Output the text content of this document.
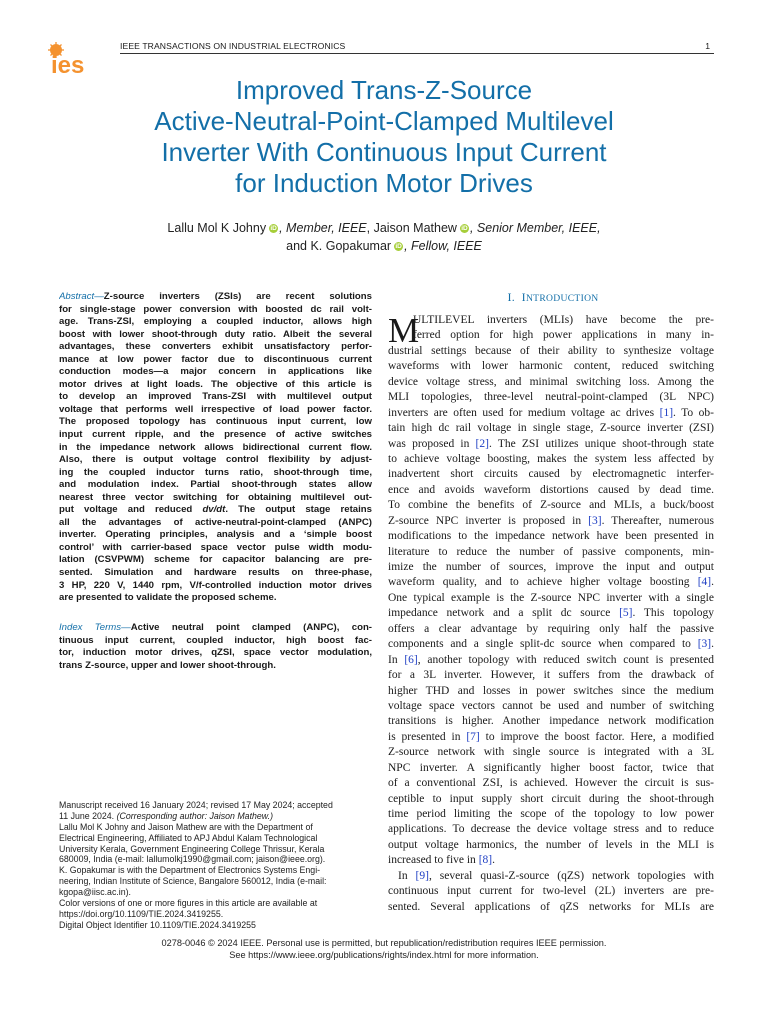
ies
IEEE TRANSACTIONS ON INDUSTRIAL ELECTRONICS	1
Improved Trans-Z-Source
Active-Neutral-Point-Clamped Multilevel
Inverter With Continuous Input Current
for Induction Motor Drives
Lallu Mol K Johny iD , Member, IEEE, Jaison Mathew iD , Senior Member, IEEE,
and K. Gopakumar iD , Fellow, IEEE
Abstract—Z-source inverters (ZSIs) are recent solutions
for single-stage power conversion with boosted dc rail volt-
age. Trans-ZSI, employing a coupled inductor, allows high
boost with lower shoot-through duty ratio. Albeit the several
advantages, these converters exhibit unsatisfactory perfor-
mance at low power factor due to discontinuous current
conduction modes—a major concern in applications like
motor drives at light loads. The objective of this article is
to develop an improved Trans-ZSI with multilevel output
voltage that performs well irrespective of load power factor.
The proposed topology has continuous input current, low
input current ripple, and the presence of active switches
in the impedance network allows bidirectional current flow.
Also, there is output voltage control flexibility by adjust-
ing the coupled inductor turns ratio, shoot-through time,
and modulation index. Partial shoot-through states allow
nearest three vector switching for obtaining multilevel out-
put voltage and reduced dv/dt. The output stage retains
all the advantages of active-neutral-point-clamped (ANPC)
inverter. Operating principles, analysis and a ‘simple boost
control’ with carrier-based space vector pulse width modu-
lation (CSVPWM) scheme for capacitor balancing are pre-
sented. Simulation and hardware results on three-phase,
3 HP, 220 V, 1440 rpm, V/f-controlled induction motor drives
are presented to validate the proposed scheme.
Index Terms—Active neutral point clamped (ANPC), con-
tinuous input current, coupled inductor, high boost fac-
tor, induction motor drives, qZSI, space vector modulation,
trans Z-source, upper and lower shoot-through.
Manuscript received 16 January 2024; revised 17 May 2024; accepted
11 June 2024. (Corresponding author: Jaison Mathew.)
Lallu Mol K Johny and Jaison Mathew are with the Department of
Electrical Engineering, Affiliated to APJ Abdul Kalam Technological
University Kerala, Government Engineering College Thrissur, Kerala
680009, India (e-mail: lallumolkj1990@gmail.com; jaison@ieee.org).
K. Gopakumar is with the Department of Electronics Systems Engi-
neering, Indian Institute of Science, Bangalore 560012, India (e-mail:
kgopa@iisc.ac.in).
Color versions of one or more figures in this article are available at
https://doi.org/10.1109/TIE.2024.3419255.
Digital Object Identifier 10.1109/TIE.2024.3419255
I. INTRODUCTION
M
ULTILEVEL inverters (MLIs) have become the pre-
ferred option for high power applications in many in-
dustrial settings because of their ability to synthesize voltage
waveforms with lower harmonic content, reduced switching
device voltage stress, and minimal switching loss. Among the
MLI topologies, three-level neutral-point-clamped (3L NPC)
inverters are often used for medium voltage ac drives [1]. To ob-
tain high dc rail voltage in single stage, Z-source inverter (ZSI)
was proposed in [2]. The ZSI utilizes unique shoot-through state
to achieve voltage boosting, makes the system less affected by
inadvertent short circuits caused by electromagnetic interfer-
ence and avoids waveform distortions caused by dead time.
To combine the benefits of Z-source and MLIs, a buck/boost
Z-source NPC inverter is proposed in [3]. Thereafter, numerous
modifications to the impedance network have been presented in
literature to reduce the number of passive components, min-
imize the number of sources, improve the input and output
waveform quality, and to achieve higher voltage boosting [4].
One typical example is the Z-source NPC inverter with a single
impedance network and a split dc source [5]. This topology
offers a clear advantage by requiring only half the passive
components and a single split-dc source when compared to [3].
In [6], another topology with reduced switch count is presented
for a 3L inverter. However, it suffers from the drawback of
higher THD and losses in power switches since the medium
voltage space vectors cannot be used and number of switching
transitions is higher. Another impedance network modification
is presented in [7] to improve the boost factor. Here, a modified
Z-source network with single source is integrated with a 3L
NPC inverter. A significantly higher boost factor, twice that
of a conventional ZSI, is achieved. However the circuit is sus-
ceptible to input supply short circuit during the shoot-through
time period limiting the scope of the topology to low power
applications. To decrease the device voltage stress and to reduce
output voltage harmonics, the number of levels in the MLI is
increased to five in [8].
In [9], several quasi-Z-source (qZS) network topologies with
continuous input current for two-level (2L) inverters are pre-
sented. Several applications of qZS networks for MLIs are
0278-0046 © 2024 IEEE. Personal use is permitted, but republication/redistribution requires IEEE permission.
See https://www.ieee.org/publications/rights/index.html for more information.
